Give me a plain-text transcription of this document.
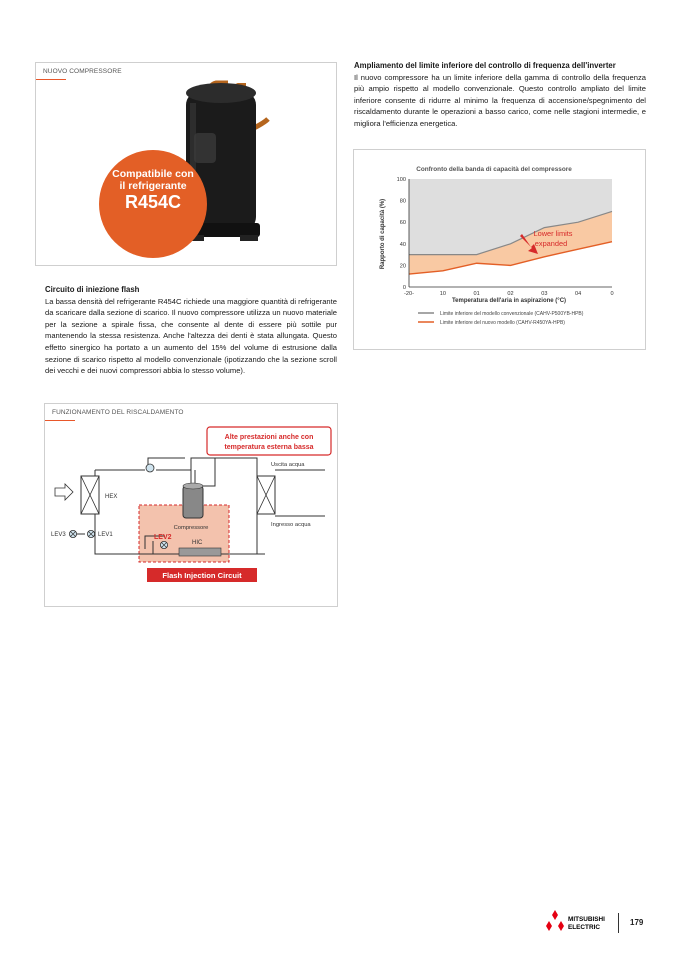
NUOVO COMPRESSORE
Compatibile con
il refrigerante
R454C
Circuito di iniezione flash
La bassa densità del refrigerante R454C richiede una maggiore quantità di refrigerante da scaricare dalla sezione di scarico. Il nuovo compressore utilizza un nuovo materiale per la sezione a spirale fissa, che consente al dente di essere più sottile pur mantenendo la stessa resistenza. Anche l'altezza dei denti è stata allungata. Questo effetto sinergico ha portato a un aumento del 15% del volume di estrusione dalla sezione di scarico rispetto al modello convenzionale (ipotizzando che la sezione scroll dei vecchi e dei nuovi compressori abbia lo stesso volume).
Ampliamento del limite inferiore del controllo di frequenza dell'inverter
Il nuovo compressore ha un limite inferiore della gamma di controllo della frequenza più ampio rispetto al modello convenzionale. Questo controllo ampliato del limite inferiore consente di ridurre al minimo la frequenza di accensione/spegnimento del riscaldamento durante le operazioni a basso carico, come nelle stagioni intermedie, e migliora l'efficienza energetica.
Confronto della banda di capacità del compressore
Rapporto di capacità (%)
Temperatura dell'aria in aspirazione (°C)
0
20
40
60
80
100
-20-	10	01	02	03	04	0
Lower limits
expanded
Limite inferiore del modello convenzionale (CAHV-P500YB-HPB)
Limite inferiore del nuovo modello (CAHV-R450YA-HPB)
FUNZIONAMENTO DEL RISCALDAMENTO
Alte prestazioni anche con
temperatura esterna bassa
HEX
Uscita acqua
Ingresso acqua
Compressore
HIC
LEV2
LEV3	LEV1
Flash Injection Circuit
MITSUBISHI
ELECTRIC
179
